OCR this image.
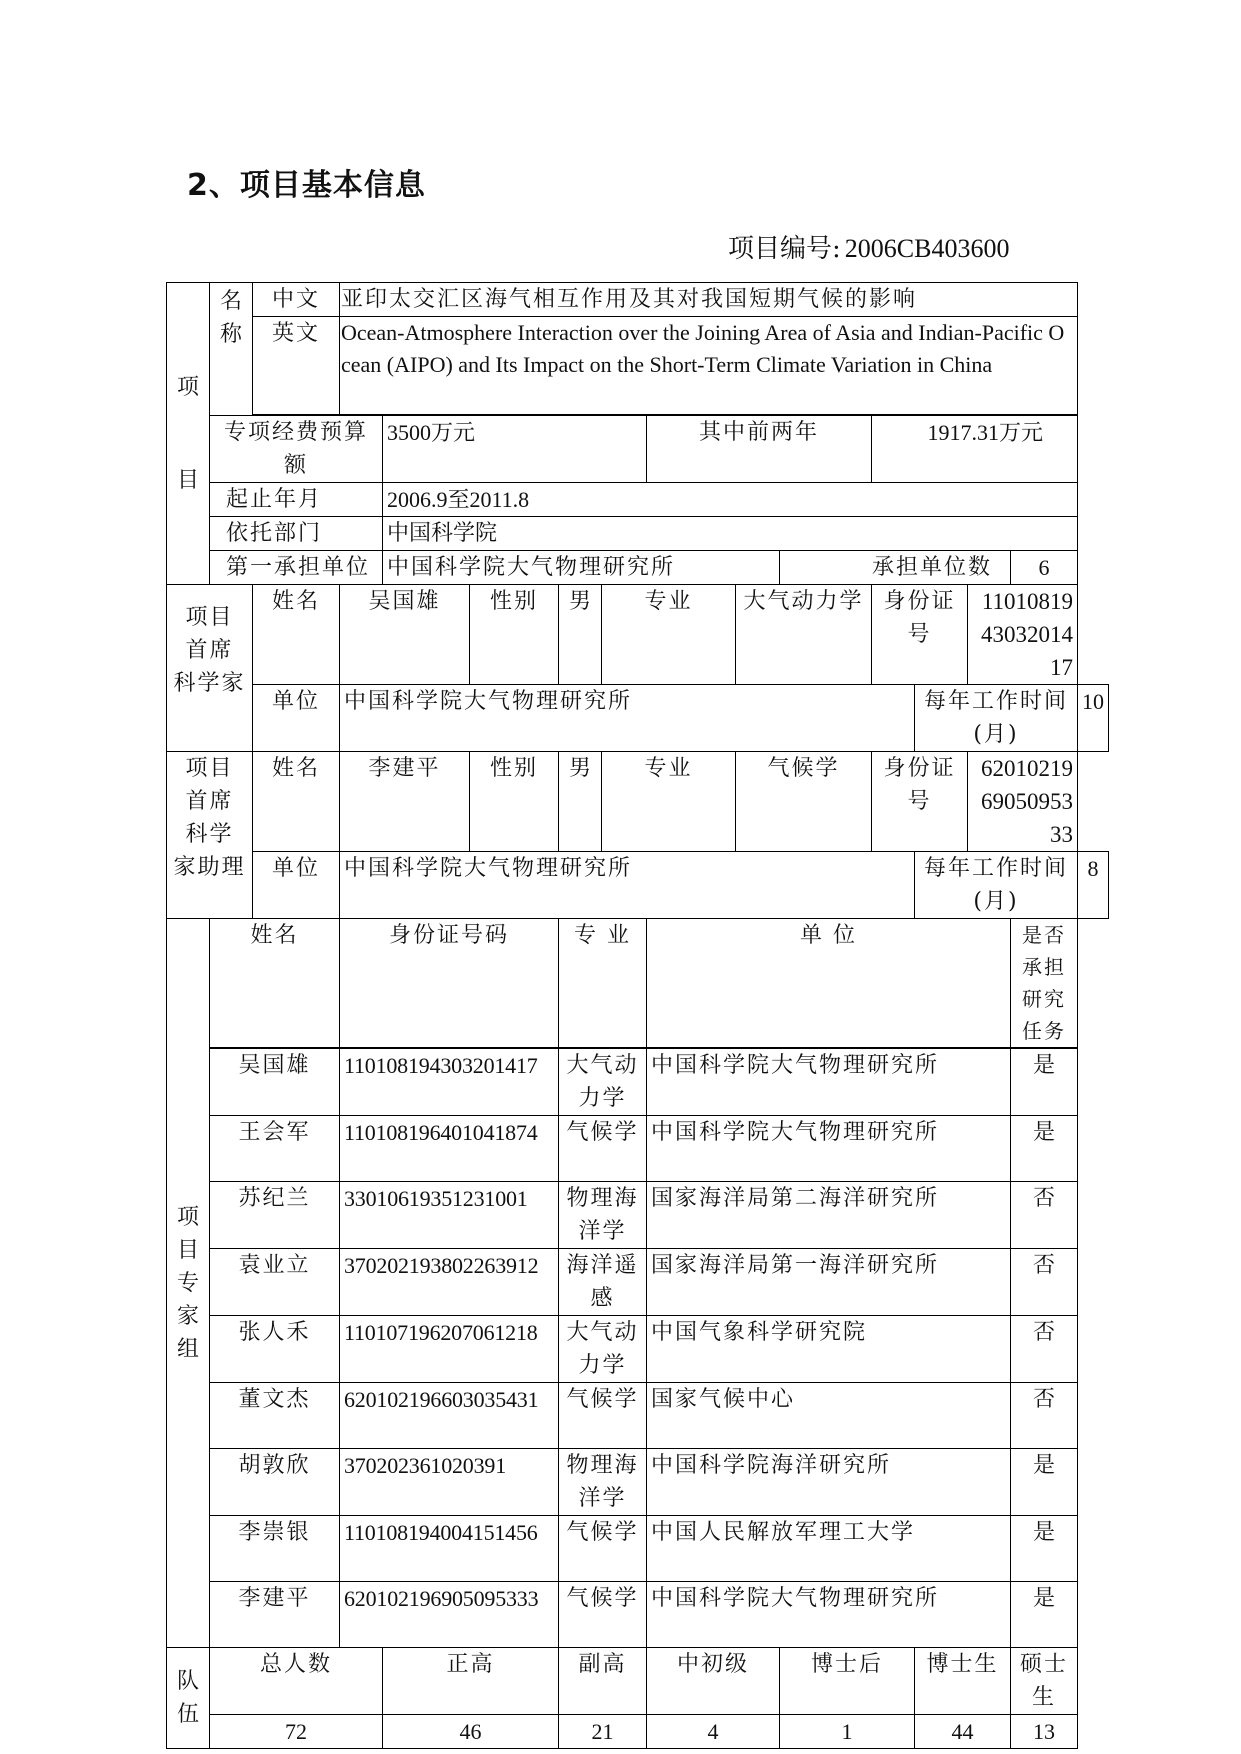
2、项目基本信息
项目编号: 2006CB403600
项
目	名称	中文	亚印太交汇区海气相互作用及其对我国短期气候的影响												
		英文	Ocean-Atmosphere Interaction over the Joining Area of Asia and Indian-Pacific Ocean (AIPO) and Its Impact on the Short-Term Climate Variation in China												

	专项经费预算额			3500万元				其中前两年			1917.31万元				
	起止年月			2006.9至2011.8											
	依托部门			中国科学院											
	第一承担单位			中国科学院大气物理研究所						承担单位数				6	

项目
首席
科学家		姓名	吴国雄		性别	男	专业		大气动力学		身份证号		110108194303201417		
		单位	中国科学院大气物理研究所									每年工作时间(月)			10

项目
首席
科学
家助理		姓名	李建平		性别	男	专业		气候学		身份证号		620102196905095333		
		单位	中国科学院大气物理研究所									每年工作时间(月)			8

项
目
专
家
组	姓名		身份证号码			专 业		单 位						是否承担研究任务	
	吴国雄		110108194303201417			大气动力学		中国科学院大气物理研究所						是	
	王会军		110108196401041874			气候学		中国科学院大气物理研究所						是	
	苏纪兰		33010619351231001			物理海洋学		国家海洋局第二海洋研究所						否	
	袁业立		370202193802263912			海洋遥感		国家海洋局第一海洋研究所						否	
	张人禾		110107196207061218			大气动力学		中国气象科学研究院						否	
	董文杰		620102196603035431			气候学		国家气候中心						否	
	胡敦欣		370202361020391			物理海洋学		中国科学院海洋研究所						是	
	李崇银		110108194004151456			气候学		中国人民解放军理工大学						是	
	李建平		620102196905095333			气候学		中国科学院大气物理研究所						是	

队
伍	总人数			正高		副高		中初级		博士后		博士生		硕士生	
	72			46		21		4		1		44		13	
